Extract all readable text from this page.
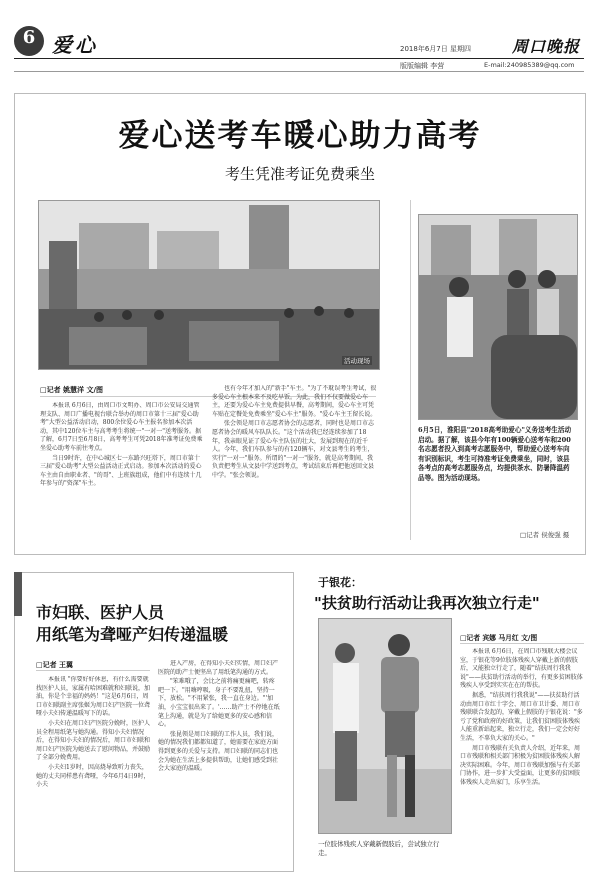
6 爱心	2018年6月7日 星期四	周口晚报
版版编辑 李营	E-mail:240985389@qq.com
爱心送考车暖心助力高考
考生凭准考证免费乘坐
活动现场
□记者 姚慧洋 文/图

本报讯 6月6日，由周口市文明办、周口市公安局交通管理支队、周口广播电视台联合举办的周口市第十三届"爱心助考"大型公益活动启动，800余位爱心车主报名参加本次活动，其中120位车主与高考考生将统一"一对一"送考服务。据了解，6月7日至6月8日，高考考生可凭2018年准考证免费乘坐爱心助考车前往考点。

当日9时许，在中心城区七一东路兴旺塔下，周口市第十三届"爱心助考"大型公益活动正式启动。参加本次活动的爱心车主由自由职业者、"的哥"、上班族组成，他们中有连续十几年参与的"资深"车主。

也有今年才加入的"新手"车主。"为了不耽误考生考试，很多爱心车主根本来不及吃早饭。为此，我们不仅要做爱心车主，还要为爱心车主免费提供早餐，高考期间，爱心车主可凭车贴在定餐处免费乘坐"爱心车主"服务。"爱心车主王留长说。

张会领是周口市志愿者协会的志愿者，同时也是周口市志愿者协会的暖风车队队长。"这个活动我已经连续参加了18年，我亲眼见证了爱心车主队伍的壮大，发展到现在的近千人。今年，我们车队参与的有120辆车，对文县考生的考生，实行"一对一"服务。所谓的"一对一"服务，就是高考期间，我负责把考生从文县中学送到考点，考试结束后再把他送回文县中学。"张会领说。

6月5日，淮阳县"2018高考助爱心"义务送考生活动启动。据了解，该县今年有100辆爱心送考车和200名志愿者投入到高考志愿服务中，帮助爱心送考车向有识别标识，考生可持准考证免费乘坐，同时，该县各考点的高考志愿服务点，均提供茶水、防暑降温药品等。图为活动现场。
□记者 侯俊强 摄
市妇联、医护人员
用纸笔为聋哑产妇传递温暖
□记者 王翼

本报讯 "你要好好休息，有什么需要就找医护人员，家属有哈困难就和妇联说，加油，你是个幸福的妈妈！"这是6月6日，周口市妇联副主席张姬为周口妇产医院一位聋哑小夫妇传递温暖写下的话。

小夫妇在周口妇产医院分娩时，医护人员全程用纸笔与她沟通。得知小夫妇情况后，在得知小夫妇的情况后，周口市妇联和周口妇产医院为她送去了慰问物品，并鼓励了全部分娩费用。

小夫妇1岁时，因高烧导致听力丧失，她的丈夫同样患有聋哑，今年6月4日9时，小夫

进入产房，在得知小夫妇实情，周口妇产医院的助产士便坚出了用纸笔沟通的方式。

"笨难哦了，会比之前将痛更痛吧，转疼吧一下。"用嗨哼吸，身子不要乱扭，坚持一下，放松。"不用紧张，我一直在身边。"'加油，小宝宝很出来了。'……助产士不停地在纸笔上沟通，就是为了给她更多的安心感和信心。

张昆领是周口妇联的工作人员，我们说，她的情况我们都都知道了，她需要在家庭方面得到更多的关爱与支持。周口妇联的同志们也会为她在生活上多提供帮助，让她们感受到社会大家庭的温暖。

于银花：
"扶贫助行活动让我再次独立行走"
一位肢体残疾人穿戴新假肢后，尝试独立行走。
□记者 宾娜 马月红 文/图

本报讯 6月6日，在周口市残联大楼会议室，于银花等9位肢体残疾人穿戴上新的假肢后，又能独立行走了，随着"结扶周行我我说"——扶贫助行活动的举行，有更多贫困肢体残疾人享受到实实在在的帮扶。

据悉，"结扶周行我我说"——扶贫助行活动由周口市红十字会、周口市卫计委、周口市残联联合发起的，穿戴上假肢的于银花说："多亏了党和政府的好政策，让我们贫困肢体残疾人能重新站起来，独立行走，我们一定会好好生活，不辜负大家的关心。"

周口市残联有关负责人介绍，近年来，周口市残联和相关部门积极为贫困肢体残疾人解决实际困难。今年，周口市残联加强与有关部门协作，进一步扩大受益面，让更多的贫困肢体残疾人走出家门，乐享生活。
